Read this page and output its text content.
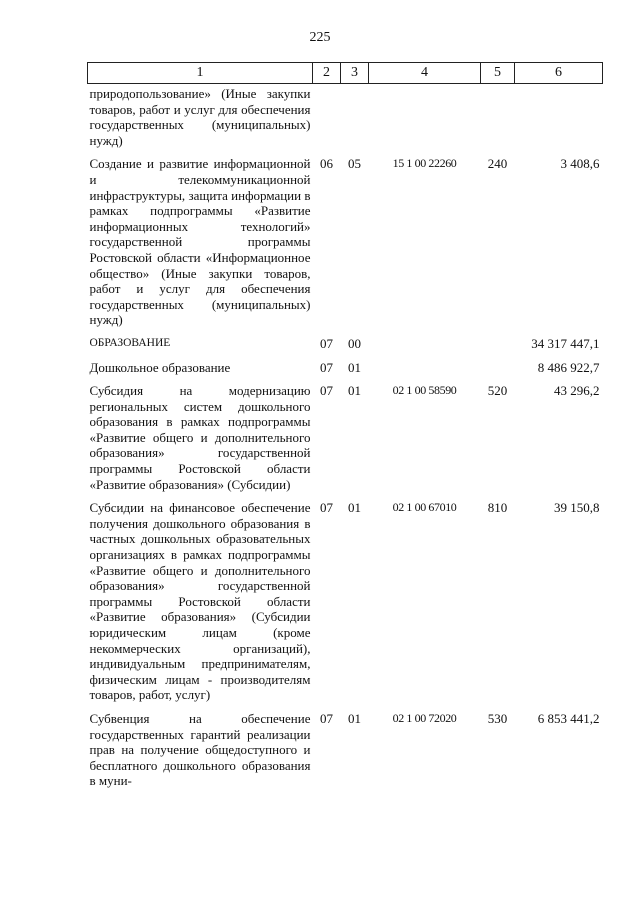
225
1	2	3	4	5	6
природопользование» (Иные закупки товаров, работ и услуг для обеспечения государственных (муниципальных) нужд)					
Создание и развитие информационной и телекоммуникационной инфраструктуры, защита информации в рамках подпрограммы «Развитие информационных технологий» государственной программы Ростовской области «Информационное общество» (Иные закупки товаров, работ и услуг для обеспечения государственных (муниципальных) нужд)	06	05	15 1 00 22260	240	3 408,6
ОБРАЗОВАНИЕ	07	00			34 317 447,1
Дошкольное образование	07	01			8 486 922,7
Субсидия на модернизацию региональных систем дошкольного образования в рамках подпрограммы «Развитие общего и дополнительного образования» государственной программы Ростовской области «Развитие образования» (Субсидии)	07	01	02 1 00 58590	520	43 296,2
Субсидии на финансовое обеспечение получения дошкольного образования в частных дошкольных образовательных организациях в рамках подпрограммы «Развитие общего и дополнительного образования» государственной программы Ростовской области «Развитие образования» (Субсидии юридическим лицам (кроме некоммерческих организаций), индивидуальным предпринимателям, физическим лицам - производителям товаров, работ, услуг)	07	01	02 1 00 67010	810	39 150,8
Субвенция на обеспечение государственных гарантий реализации прав на получение общедоступного и бесплатного дошкольного образования в муни-	07	01	02 1 00 72020	530	6 853 441,2
